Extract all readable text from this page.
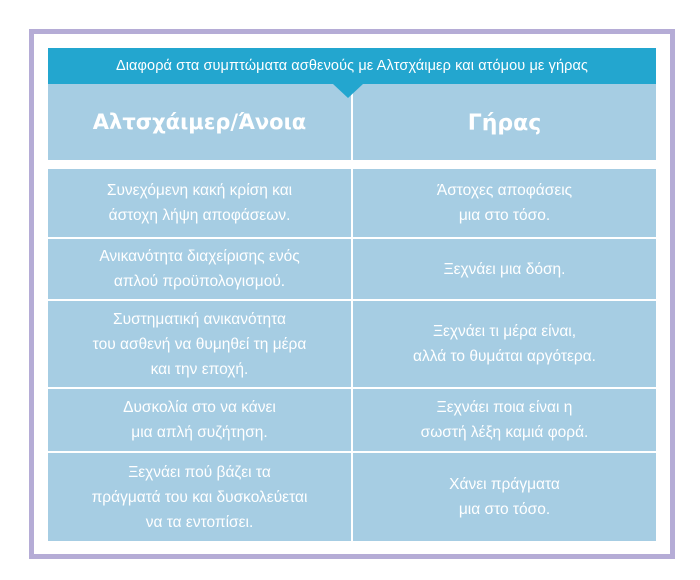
Διαφορά στα συμπτώματα ασθενούς με Αλτσχάιμερ και ατόμου με γήρας
Αλτσχάιμερ/Άνοια	Γήρας
Συνεχόμενη κακή κρίση και
άστοχη λήψη αποφάσεων.
Άστοχες αποφάσεις
μια στο τόσο.
Ανικανότητα διαχείρισης ενός
απλού προϋπολογισμού.
Ξεχνάει μια δόση.
Συστηματική ανικανότητα
του ασθενή να θυμηθεί τη μέρα
και την εποχή.
Ξεχνάει τι μέρα είναι,
αλλά το θυμάται αργότερα.
Δυσκολία στο να κάνει
μια απλή συζήτηση.
Ξεχνάει ποια είναι η
σωστή λέξη καμιά φορά.
Ξεχνάει πού βάζει τα
πράγματά του και δυσκολεύεται
να τα εντοπίσει.
Χάνει πράγματα
μια στο τόσο.
